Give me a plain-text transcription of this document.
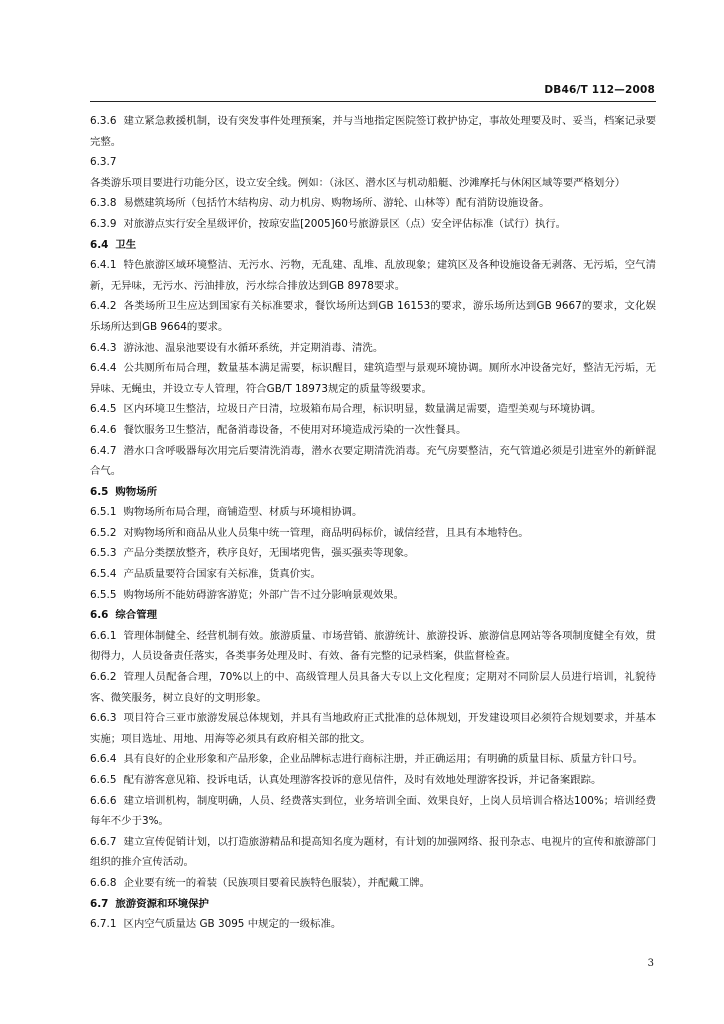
DB46/T 112—2008

6.3.6 建立紧急救援机制，设有突发事件处理预案，并与当地指定医院签订救护协定，事故处理要及时、妥当，档案记录要完整。

6.3.7各类游乐项目要进行功能分区，设立安全线。例如：（泳区、潜水区与机动船艇、沙滩摩托与休闲区域等要严格划分）

6.3.8 易燃建筑场所（包括竹木结构房、动力机房、购物场所、游轮、山林等）配有消防设施设备。

6.3.9 对旅游点实行安全星级评价，按琼安监[2005]60号旅游景区（点）安全评估标准（试行）执行。

6.4 卫生

6.4.1 特色旅游区域环境整洁、无污水、污物，无乱建、乱堆、乱放现象；建筑区及各种设施设备无剥落、无污垢，空气清新，无异味，无污水、污油排放，污水综合排放达到GB 8978要求。

6.4.2 各类场所卫生应达到国家有关标准要求，餐饮场所达到GB 16153的要求，游乐场所达到GB 9667的要求，文化娱乐场所达到GB 9664的要求。

6.4.3 游泳池、温泉池要设有水循环系统，并定期消毒、清洗。

6.4.4 公共厕所布局合理，数量基本满足需要，标识醒目，建筑造型与景观环境协调。厕所水冲设备完好，整洁无污垢，无异味、无蝇虫，并设立专人管理，符合GB/T 18973规定的质量等级要求。

6.4.5 区内环境卫生整洁，垃圾日产日清，垃圾箱布局合理，标识明显，数量满足需要，造型美观与环境协调。

6.4.6 餐饮服务卫生整洁，配备消毒设备，不使用对环境造成污染的一次性餐具。

6.4.7 潜水口含呼吸器每次用完后要清洗消毒，潜水衣要定期清洗消毒。充气房要整洁，充气管道必须是引进室外的新鲜混合气。

6.5 购物场所

6.5.1 购物场所布局合理，商铺造型、材质与环境相协调。

6.5.2 对购物场所和商品从业人员集中统一管理，商品明码标价，诚信经营，且具有本地特色。

6.5.3 产品分类摆放整齐，秩序良好，无围堵兜售，强买强卖等现象。

6.5.4 产品质量要符合国家有关标准，货真价实。

6.5.5 购物场所不能妨碍游客游览；外部广告不过分影响景观效果。

6.6 综合管理

6.6.1 管理体制健全、经营机制有效。旅游质量、市场营销、旅游统计、旅游投诉、旅游信息网站等各项制度健全有效，贯彻得力，人员设备责任落实，各类事务处理及时、有效、备有完整的记录档案，供监督检查。

6.6.2 管理人员配备合理，70%以上的中、高级管理人员具备大专以上文化程度；定期对不同阶层人员进行培训，礼貌待客、微笑服务，树立良好的文明形象。

6.6.3 项目符合三亚市旅游发展总体规划，并具有当地政府正式批准的总体规划，开发建设项目必须符合规划要求，并基本实施；项目选址、用地、用海等必须具有政府相关部的批文。

6.6.4 具有良好的企业形象和产品形象，企业品牌标志进行商标注册，并正确运用；有明确的质量目标、质量方针口号。

6.6.5 配有游客意见箱、投诉电话，认真处理游客投诉的意见信件，及时有效地处理游客投诉，并记备案跟踪。

6.6.6 建立培训机构，制度明确，人员、经费落实到位，业务培训全面、效果良好，上岗人员培训合格达100%；培训经费每年不少于3%。

6.6.7 建立宣传促销计划，以打造旅游精品和提高知名度为题材，有计划的加强网络、报刊杂志、电视片的宣传和旅游部门组织的推介宣传活动。

6.6.8 企业要有统一的着装（民族项目要着民族特色服装），并配戴工牌。

6.7 旅游资源和环境保护

6.7.1 区内空气质量达 GB 3095 中规定的一级标准。

3
